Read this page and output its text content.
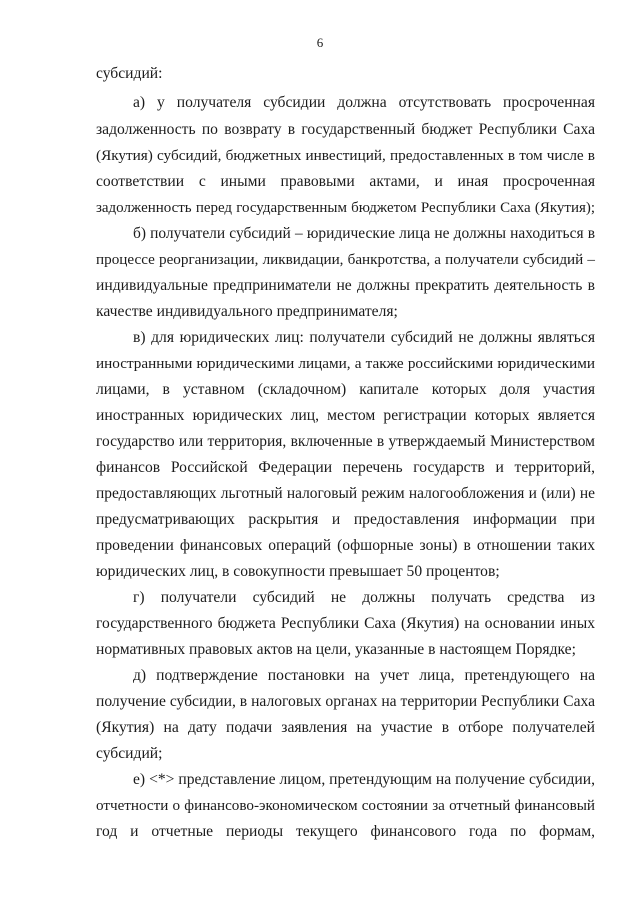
6
субсидий:
а) у получателя субсидии должна отсутствовать просроченная
задолженность по возврату в государственный бюджет Республики Саха
(Якутия) субсидий, бюджетных инвестиций, предоставленных в том числе в
соответствии с иными правовыми актами, и иная просроченная
задолженность перед государственным бюджетом Республики Саха (Якутия);
б) получатели субсидий – юридические лица не должны находиться в
процессе реорганизации, ликвидации, банкротства, а получатели субсидий –
индивидуальные предприниматели не должны прекратить деятельность в
качестве индивидуального предпринимателя;
в) для юридических лиц: получатели субсидий не должны являться
иностранными юридическими лицами, а также российскими юридическими
лицами, в уставном (складочном) капитале которых доля участия
иностранных юридических лиц, местом регистрации которых является
государство или территория, включенные в утверждаемый Министерством
финансов Российской Федерации перечень государств и территорий,
предоставляющих льготный налоговый режим налогообложения и (или) не
предусматривающих раскрытия и предоставления информации при
проведении финансовых операций (офшорные зоны) в отношении таких
юридических лиц, в совокупности превышает 50 процентов;
г) получатели субсидий не должны получать средства из
государственного бюджета Республики Саха (Якутия) на основании иных
нормативных правовых актов на цели, указанные в настоящем Порядке;
д) подтверждение постановки на учет лица, претендующего на
получение субсидии, в налоговых органах на территории Республики Саха
(Якутия) на дату подачи заявления на участие в отборе получателей
субсидий;
е) <*> представление лицом, претендующим на получение субсидии,
отчетности о финансово-экономическом состоянии за отчетный финансовый
год и отчетные периоды текущего финансового года по формам,
